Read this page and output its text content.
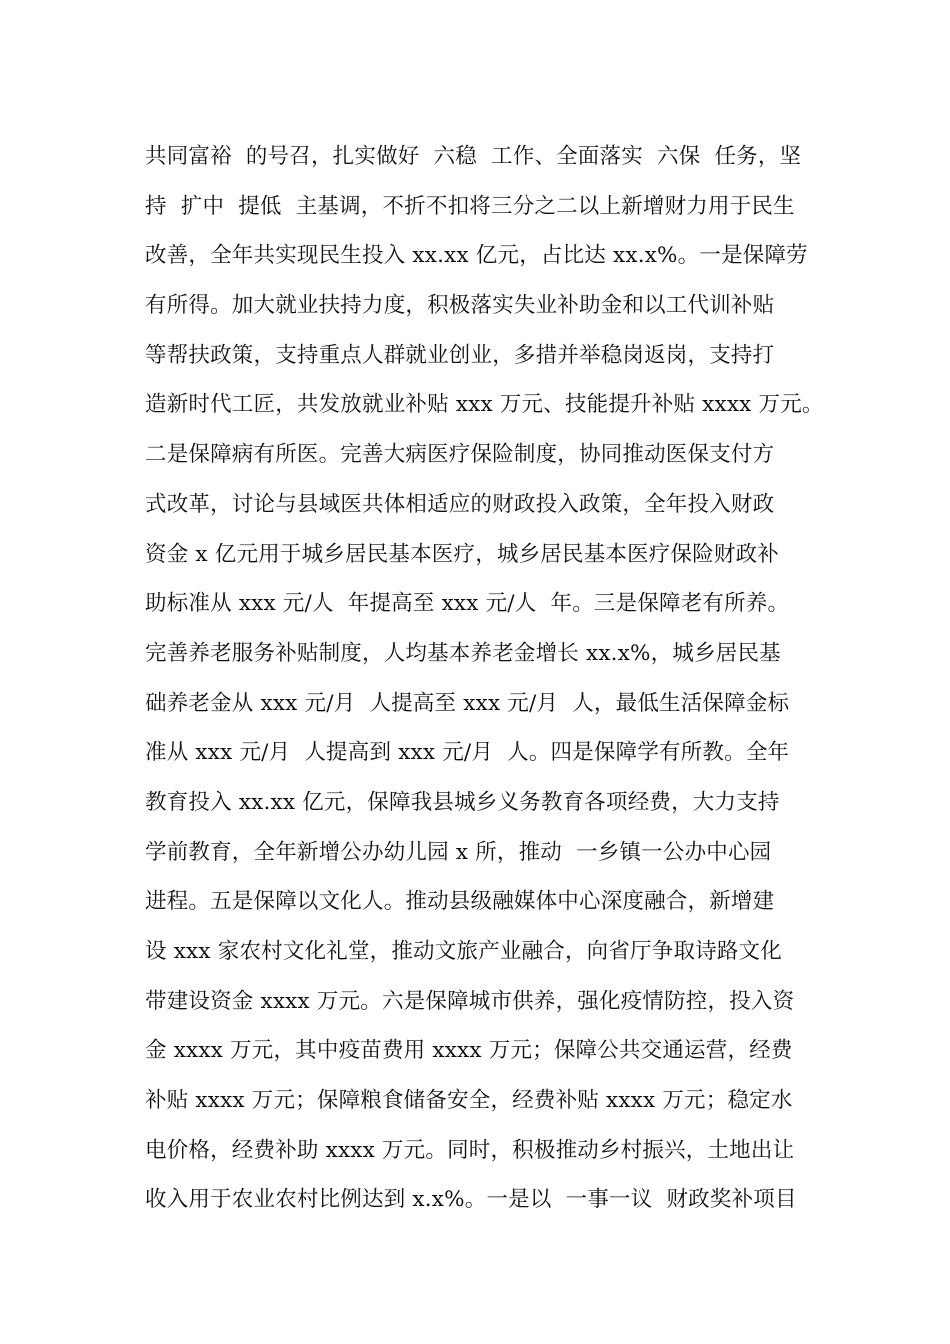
共同富裕  的号召，扎实做好  六稳  工作、全面落实  六保  任务，坚
持  扩中  提低  主基调，不折不扣将三分之二以上新增财力用于民生
改善，全年共实现民生投入 xx.xx 亿元，占比达 xx.x%。一是保障劳
有所得。加大就业扶持力度，积极落实失业补助金和以工代训补贴
等帮扶政策，支持重点人群就业创业，多措并举稳岗返岗，支持打
造新时代工匠，共发放就业补贴 xxx 万元、技能提升补贴 xxxx 万元。
二是保障病有所医。完善大病医疗保险制度，协同推动医保支付方
式改革，讨论与县域医共体相适应的财政投入政策，全年投入财政
资金 x 亿元用于城乡居民基本医疗，城乡居民基本医疗保险财政补
助标准从 xxx 元/人  年提高至 xxx 元/人  年。三是保障老有所养。
完善养老服务补贴制度，人均基本养老金增长 xx.x%，城乡居民基
础养老金从 xxx 元/月  人提高至 xxx 元/月  人，最低生活保障金标
准从 xxx 元/月  人提高到 xxx 元/月  人。四是保障学有所教。全年
教育投入 xx.xx 亿元，保障我县城乡义务教育各项经费，大力支持
学前教育，全年新增公办幼儿园 x 所，推动  一乡镇一公办中心园
进程。五是保障以文化人。推动县级融媒体中心深度融合，新增建
设 xxx 家农村文化礼堂，推动文旅产业融合，向省厅争取诗路文化
带建设资金 xxxx 万元。六是保障城市供养，强化疫情防控，投入资
金 xxxx 万元，其中疫苗费用 xxxx 万元；保障公共交通运营，经费
补贴 xxxx 万元；保障粮食储备安全，经费补贴 xxxx 万元；稳定水
电价格，经费补助 xxxx 万元。同时，积极推动乡村振兴，土地出让
收入用于农业农村比例达到 x.x%。一是以  一事一议  财政奖补项目
